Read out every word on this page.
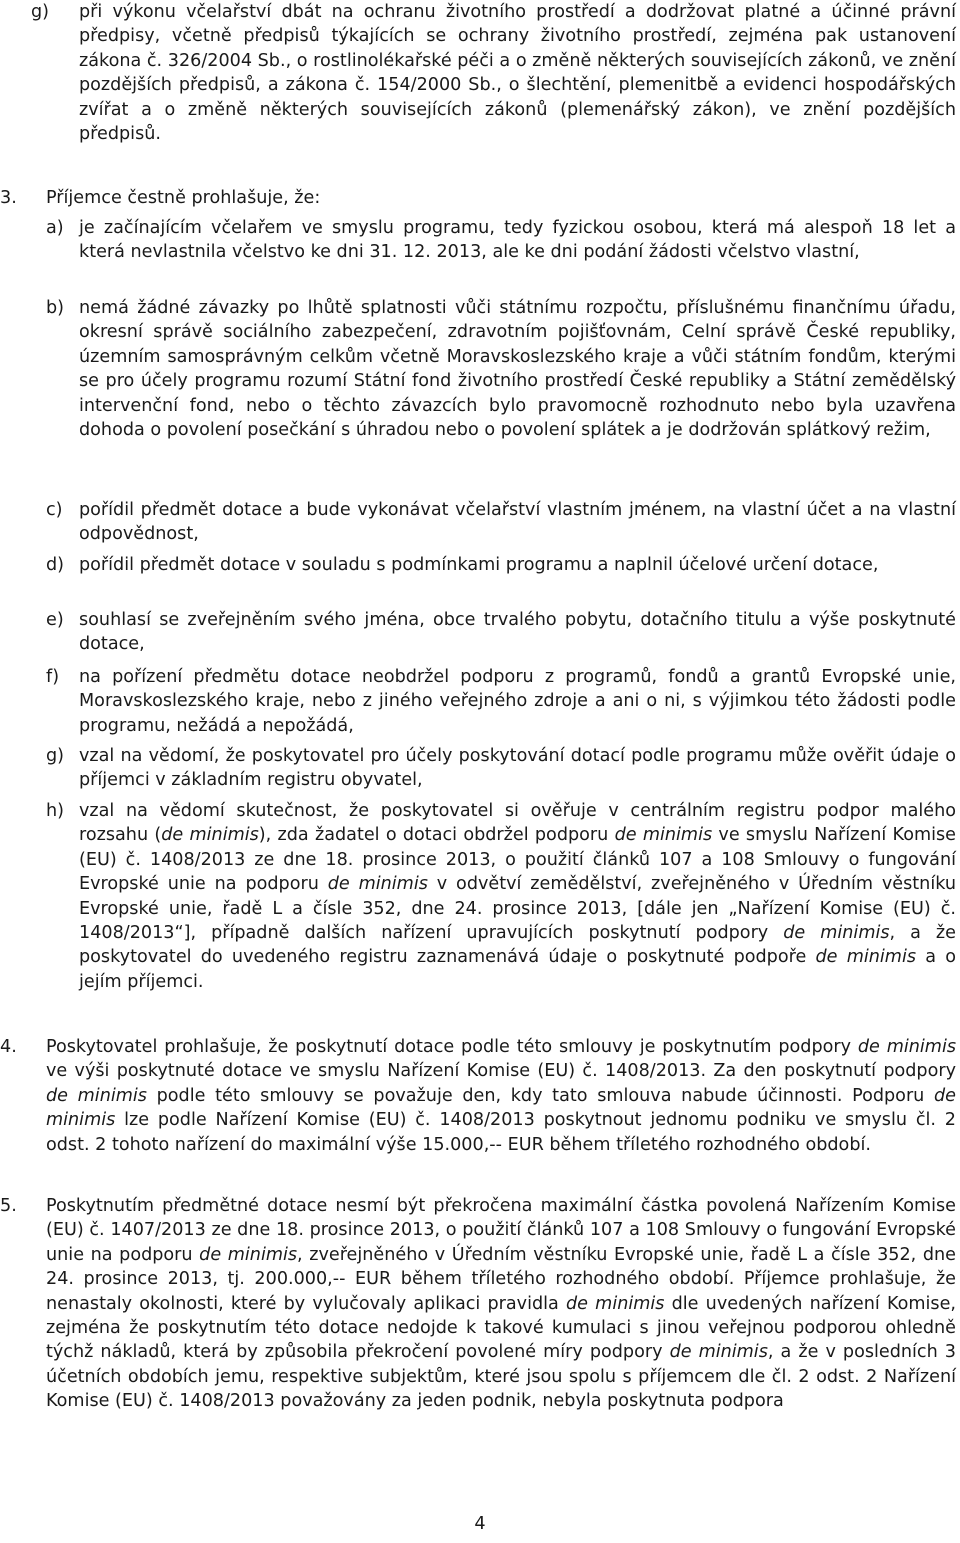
g) při výkonu včelařství dbát na ochranu životního prostředí a dodržovat platné a účinné právní předpisy, včetně předpisů týkajících se ochrany životního prostředí, zejména pak ustanovení zákona č. 326/2004 Sb., o rostlinolékařské péči a o změně některých souvisejících zákonů, ve znění pozdějších předpisů, a zákona č. 154/2000 Sb., o šlechtění, plemenitbě a evidenci hospodářských zvířat a o změně některých souvisejících zákonů (plemenářský zákon), ve znění pozdějších předpisů.
3. Příjemce čestně prohlašuje, že:
a) je začínajícím včelařem ve smyslu programu, tedy fyzickou osobou, která má alespoň 18 let a která nevlastnila včelstvo ke dni 31. 12. 2013, ale ke dni podání žádosti včelstvo vlastní,
b) nemá žádné závazky po lhůtě splatnosti vůči státnímu rozpočtu, příslušnému finančnímu úřadu, okresní správě sociálního zabezpečení, zdravotním pojišťovnám, Celní správě České republiky, územním samosprávným celkům včetně Moravskoslezského kraje a vůči státním fondům, kterými se pro účely programu rozumí Státní fond životního prostředí České republiky a Státní zemědělský intervenční fond, nebo o těchto závazcích bylo pravomocně rozhodnuto nebo byla uzavřena dohoda o povolení posečkání s úhradou nebo o povolení splátek a je dodržován splátkový režim,
c) pořídil předmět dotace a bude vykonávat včelařství vlastním jménem, na vlastní účet a na vlastní odpovědnost,
d) pořídil předmět dotace v souladu s podmínkami programu a naplnil účelové určení dotace,
e) souhlasí se zveřejněním svého jména, obce trvalého pobytu, dotačního titulu a výše poskytnuté dotace,
f) na pořízení předmětu dotace neobdržel podporu z programů, fondů a grantů Evropské unie, Moravskoslezského kraje, nebo z jiného veřejného zdroje a ani o ni, s výjimkou této žádosti podle programu, nežádá a nepožádá,
g) vzal na vědomí, že poskytovatel pro účely poskytování dotací podle programu může ověřit údaje o příjemci v základním registru obyvatel,
h) vzal na vědomí skutečnost, že poskytovatel si ověřuje v centrálním registru podpor malého rozsahu (de minimis), zda žadatel o dotaci obdržel podporu de minimis ve smyslu Nařízení Komise (EU) č. 1408/2013 ze dne 18. prosince 2013, o použití článků 107 a 108 Smlouvy o fungování Evropské unie na podporu de minimis v odvětví zemědělství, zveřejněného v Úředním věstníku Evropské unie, řadě L a čísle 352, dne 24. prosince 2013, [dále jen „Nařízení Komise (EU) č. 1408/2013“], případně dalších nařízení upravujících poskytnutí podpory de minimis, a že poskytovatel do uvedeného registru zaznamenává údaje o poskytnuté podpoře de minimis a o jejím příjemci.
4. Poskytovatel prohlašuje, že poskytnutí dotace podle této smlouvy je poskytnutím podpory de minimis ve výši poskytnuté dotace ve smyslu Nařízení Komise (EU) č. 1408/2013. Za den poskytnutí podpory de minimis podle této smlouvy se považuje den, kdy tato smlouva nabude účinnosti. Podporu de minimis lze podle Nařízení Komise (EU) č. 1408/2013 poskytnout jednomu podniku ve smyslu čl. 2 odst. 2 tohoto nařízení do maximální výše 15.000,-- EUR během tříletého rozhodného období.
5. Poskytnutím předmětné dotace nesmí být překročena maximální částka povolená Nařízením Komise (EU) č. 1407/2013 ze dne 18. prosince 2013, o použití článků 107 a 108 Smlouvy o fungování Evropské unie na podporu de minimis, zveřejněného v Úředním věstníku Evropské unie, řadě L a čísle 352, dne 24. prosince 2013, tj. 200.000,-- EUR během tříletého rozhodného období. Příjemce prohlašuje, že nenastaly okolnosti, které by vylučovaly aplikaci pravidla de minimis dle uvedených nařízení Komise, zejména že poskytnutím této dotace nedojde k takové kumulaci s jinou veřejnou podporou ohledně týchž nákladů, která by způsobila překročení povolené míry podpory de minimis, a že v posledních 3 účetních obdobích jemu, respektive subjektům, které jsou spolu s příjemcem dle čl. 2 odst. 2 Nařízení Komise (EU) č. 1408/2013 považovány za jeden podnik, nebyla poskytnuta podpora
4
